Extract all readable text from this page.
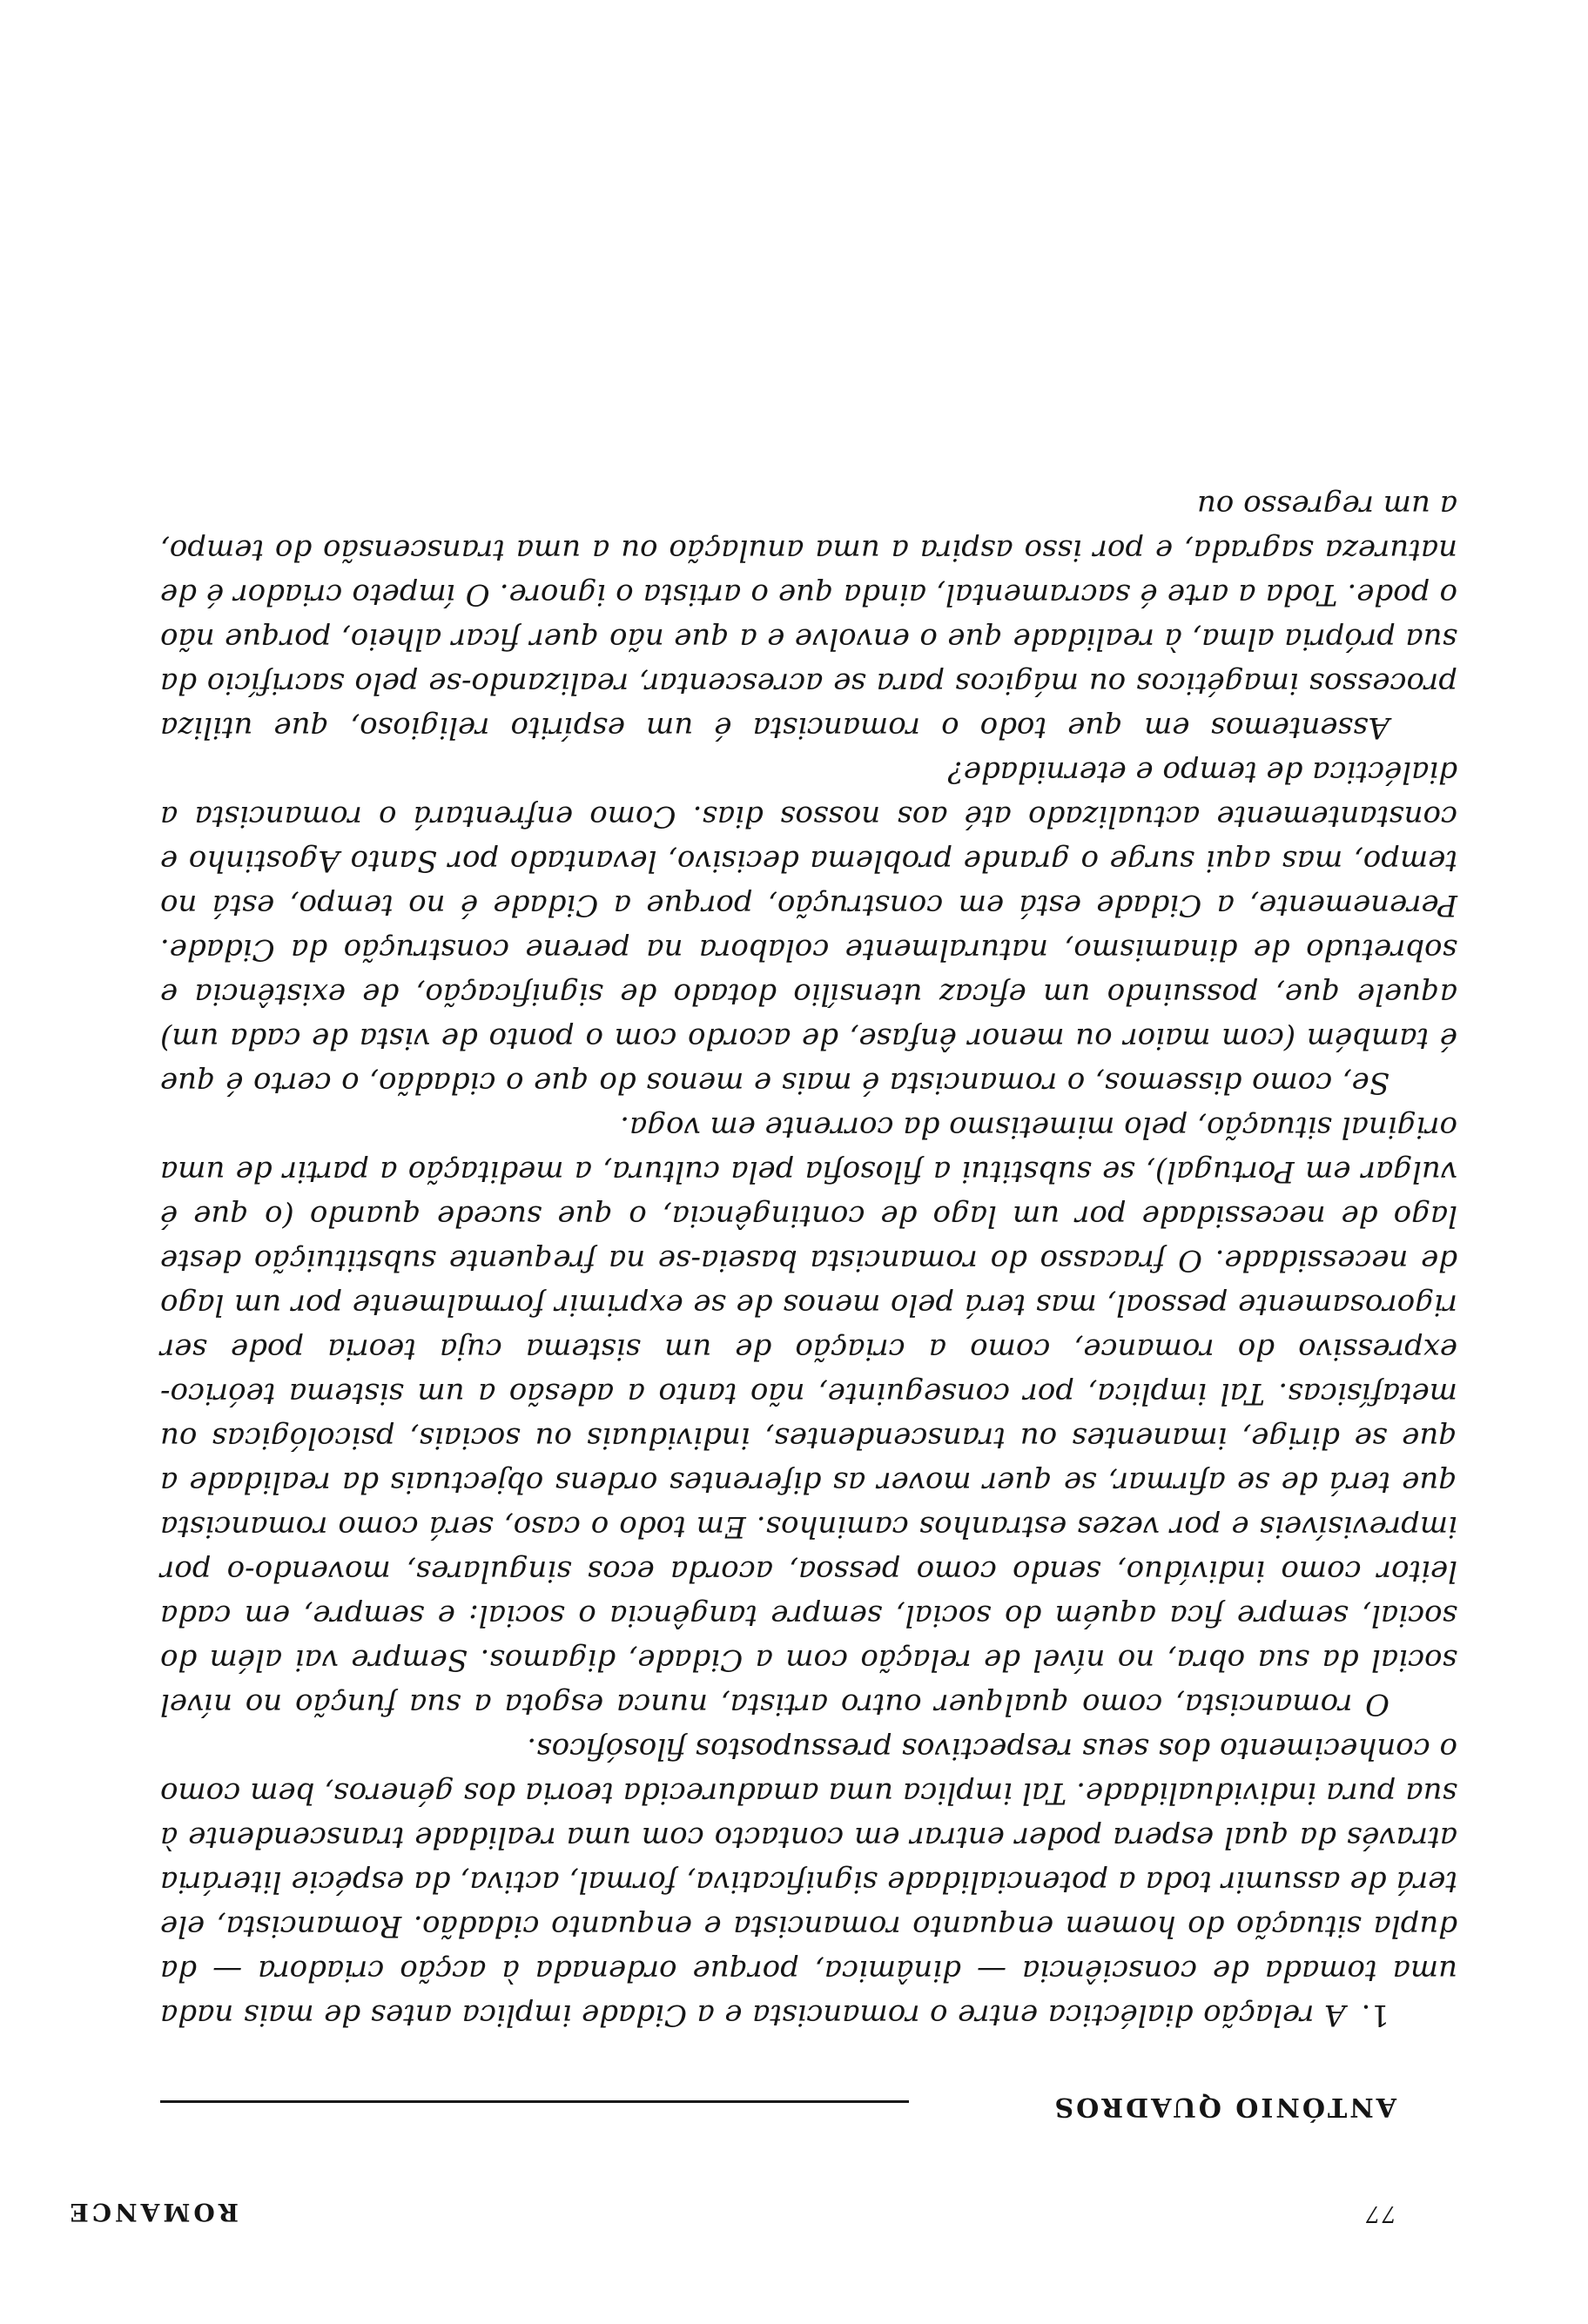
77
ROMANCE
ANTÓNIO QUADROS

1.A relação dialéctica entre o romancista e a Cidade implica antes de mais nada uma tomada de consciência — dinâmica, porque ordenada à acção criadora — da dupla situação do homem enquanto romancista e enquanto cidadão. Romancista, ele terá de assumir toda a potencialidade significativa, formal, activa, da espécie literária através da qual espera poder entrar em contacto com uma realidade transcendente à sua pura individualidade. Tal implica uma amadurecida teoria dos géneros, bem como o conhecimento dos seus respectivos pressupostos filosóficos.

O romancista, como qualquer outro artista, nunca esgota a sua função no nível social da sua obra, no nível de relação com a Cidade, digamos. Sempre vai além do social, sempre fica aquém do social, sempre tangência o social: e sempre, em cada leitor como indivíduo, sendo como pessoa, acorda ecos singulares, movendo-o por imprevisíveis e por vezes estranhos caminhos. Em todo o caso, será como romancista que terá de se afirmar, se quer mover as diferentes ordens objectuais da realidade a que se dirige, imanentes ou transcendentes, individuais ou sociais, psicológicas ou metafísicas. Tal implica, por conseguinte, não tanto a adesão a um sistema teórico-expressivo do romance, como a criação de um sistema cuja teoria pode ser rigorosamente pessoal, mas terá pelo menos de se exprimir formalmente por um lago de necessidade. O fracasso do romancista baseia-se na frequente substituição deste lago de necessidade por um lago de contingência, o que sucede quando (o que é vulgar em Portugal), se substitui a filosofia pela cultura, a meditação a partir de uma original situação, pelo mimetismo da corrente em voga.

Se, como dissemos, o romancista é mais e menos do que o cidadão, o certo é que é também (com maior ou menor ênfase, de acordo com o ponto de vista de cada um) aquele que, possuindo um eficaz utensílio dotado de significação, de existência e sobretudo de dinamismo, naturalmente colabora na perene construção da Cidade. Perenemente, a Cidade está em construção, porque a Cidade é no tempo, está no tempo, mas aqui surge o grande problema decisivo, levantado por Santo Agostinho e constantemente actualizado até aos nossos dias. Como enfrentará o romancista a dialéctica de tempo e eternidade?

Assentemos em que todo o romancista é um espírito religioso, que utiliza processos imagéticos ou mágicos para se acrescentar, realizando-se pelo sacrifício da sua própria alma, à realidade que o envolve e a que não quer ficar alheio, porque não o pode. Toda a arte é sacramental, ainda que o artista o ignore. O ímpeto criador é de natureza sagrada, e por isso aspira a uma anulação ou a uma transcensão do tempo, a um regresso ou
